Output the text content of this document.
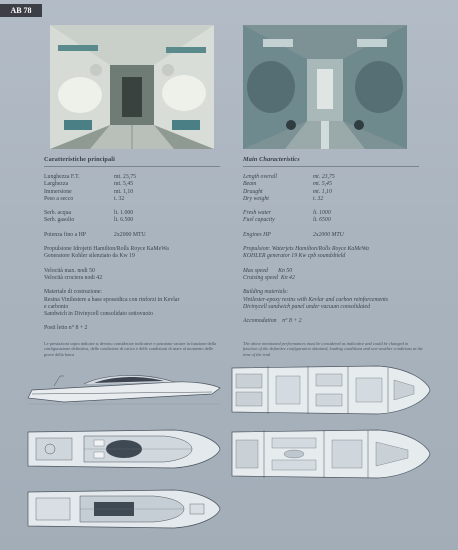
AB 78
Caratteristiche principali
Lunghezza F.T.	mt. 23,75
Larghezza	mt. 5,45
Immersione	mt. 1,10
Peso a secco	t. 32
Serb. acqua	lt. 1.000
Serb. gasolio	lt. 6.500
Potenza fino a HP	2x2000 MTU
Propulsione Idrojetti Hamilton/Rolls Royce KaMeWa
Generatore Kohler silenziato da Kw 19
Velocità max. nodi 50
Velocità crociera nodi 42
Materiale di costruzione:
Resina Vinilestere a base epossidica con rinforzi in Kevlar
e carbonio
Sandwich in Divinycell consolidato sottovuoto
Posti letto n° 8 + 2
Main Characteristics
Length overall	mt. 23,75
Beam	mt. 5,45
Draught	mt. 1,10
Dry weight	t. 32
Fresh water	lt. 1000
Fuel capacity	lt. 6500
Engines HP	2x2000 MTU
Propulsion: Waterjets Hamilton/Rolls Royce KaMeWa
KOHLER generator 19 Kw cpb soundshield
Max speed       Kn 50
Cruising speed  Kn 42
Building materials:
Vinilester-epoxy resins with Kevlar and carbon reinforcements
Divinycell sandwich panel under vacuum consolidated
Accomodation    n° 8 + 2
Le prestazioni sopra indicate si devono considerare indicative e potranno variare in funzione della configurazione definitiva, delle condizioni di carico e delle condizioni di mare al momento delle prove della barca
The above mentioned performances must be considered as indicative and could be changed in function of the definitive configuration obtained, loading conditions and sea-weather conditions at the time of the trial
